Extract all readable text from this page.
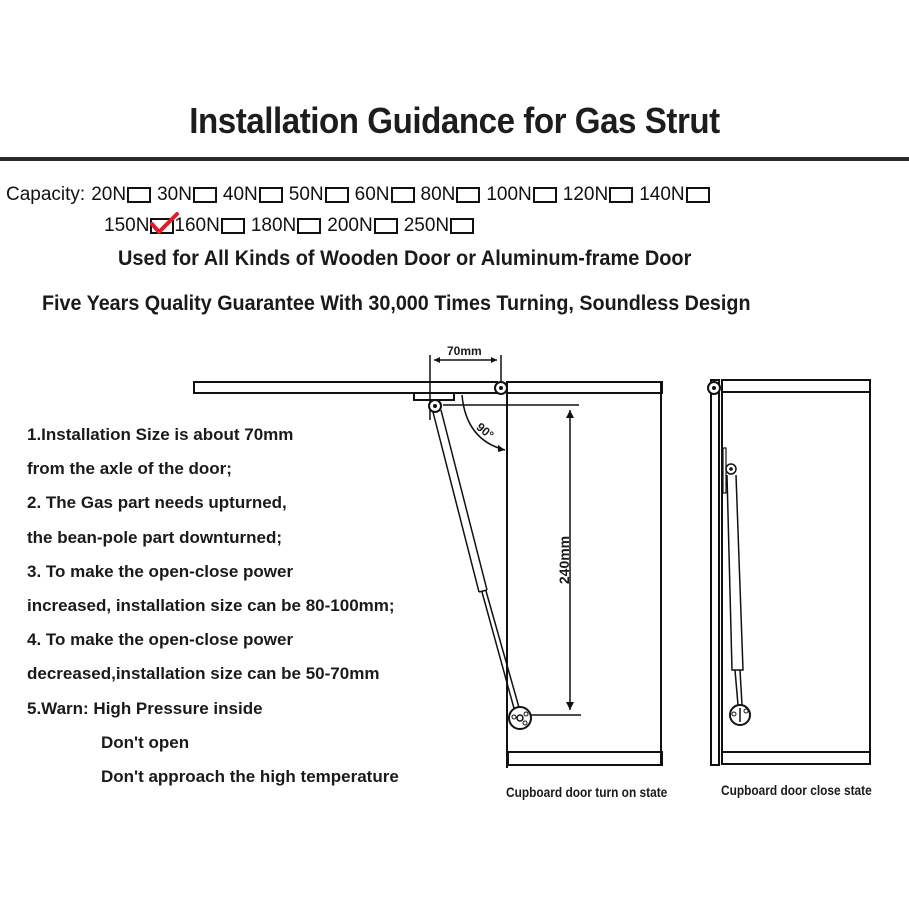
Installation Guidance for Gas Strut
Capacity: 20N 30N 40N 50N 60N 80N 100N 120N 140N
150N 160N 180N 200N 250N
Used for All Kinds of Wooden Door or Aluminum-frame Door
Five Years Quality Guarantee With 30,000 Times Turning, Soundless Design
1.Installation Size is about 70mm
from the axle of the door;
2. The Gas part needs upturned,
the bean-pole part downturned;
3. To make the open-close power
increased, installation size can be 80-100mm;
4. To make the open-close power
decreased,installation size can be 50-70mm
5.Warn: High Pressure inside
Don't open
Don't approach the high temperature
70mm
90°
240mm
Cupboard door turn on state	Cupboard door close state
